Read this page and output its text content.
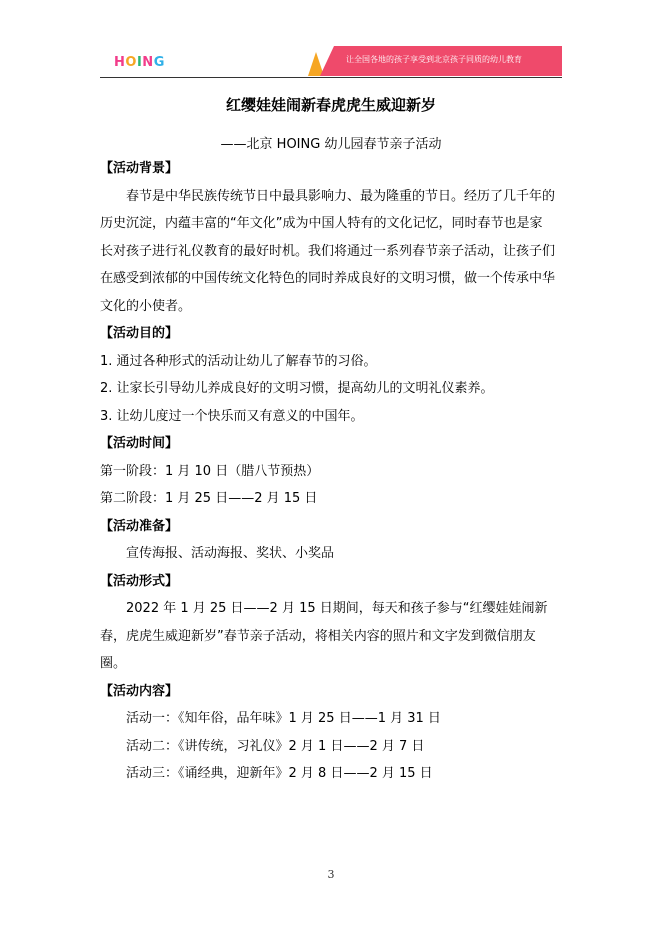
H O I N G	让全国各地的孩子享受到北京孩子同质的幼儿教育
红缨娃娃闹新春虎虎生威迎新岁
——北京 HOING 幼儿园春节亲子活动
【活动背景】
春节是中华民族传统节日中最具影响力、最为隆重的节日。经历了几千年的
历史沉淀，内蕴丰富的“年文化”成为中国人特有的文化记忆，同时春节也是家
长对孩子进行礼仪教育的最好时机。我们将通过一系列春节亲子活动，让孩子们
在感受到浓郁的中国传统文化特色的同时养成良好的文明习惯，做一个传承中华
文化的小使者。
【活动目的】
1. 通过各种形式的活动让幼儿了解春节的习俗。
2. 让家长引导幼儿养成良好的文明习惯，提高幼儿的文明礼仪素养。
3. 让幼儿度过一个快乐而又有意义的中国年。
【活动时间】
第一阶段：1 月 10 日（腊八节预热）
第二阶段：1 月 25 日——2 月 15 日
【活动准备】
宣传海报、活动海报、奖状、小奖品
【活动形式】
2022 年 1 月 25 日——2 月 15 日期间，每天和孩子参与“红缨娃娃闹新
春，虎虎生威迎新岁”春节亲子活动，将相关内容的照片和文字发到微信朋友
圈。
【活动内容】
活动一：《知年俗，品年味》1 月 25 日——1 月 31 日
活动二：《讲传统，习礼仪》2 月 1 日——2 月 7 日
活动三：《诵经典，迎新年》2 月 8 日——2 月 15 日
3
